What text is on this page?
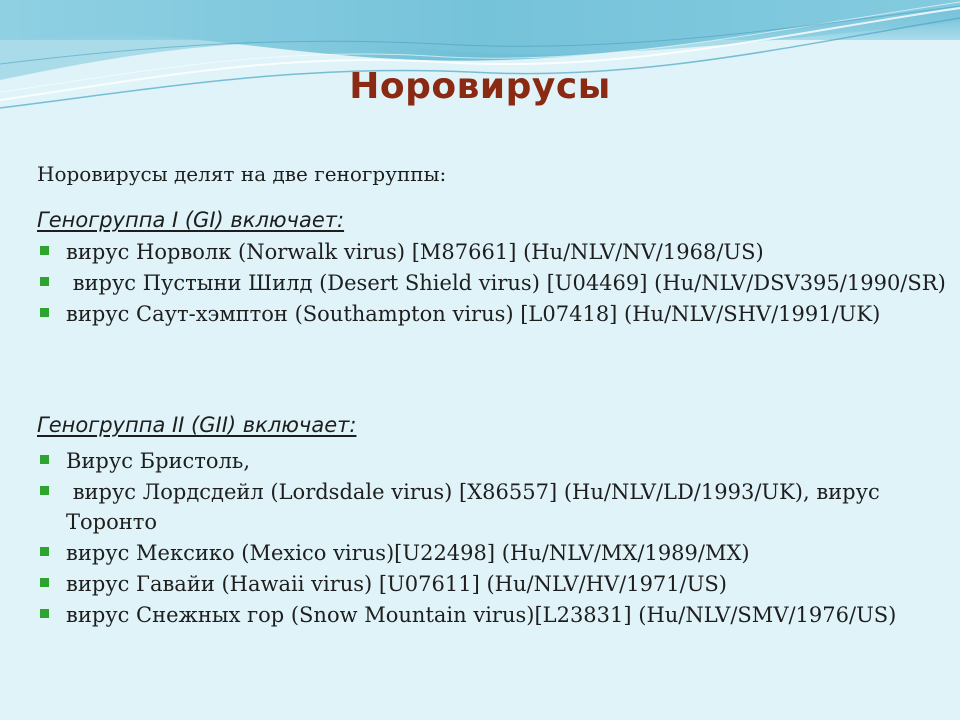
Норовирусы
Норовирусы делят на две геногруппы:
Геногруппа I (GI) включает:
вирус Норволк (Norwalk virus) [M87661] (Hu/NLV/NV/1968/US)
вирус Пустыни Шилд (Desert Shield virus) [U04469] (Hu/NLV/DSV395/1990/SR)
вирус Саут-хэмптон (Southampton virus) [L07418] (Hu/NLV/SHV/1991/UK)
Геногруппа II (GII) включает:
Вирус Бристоль,
вирус Лордсдейл (Lordsdale virus) [X86557] (Hu/NLV/LD/1993/UK), вирус Торонто
вирус Мексико (Mexico virus)[U22498] (Hu/NLV/MX/1989/MX)
вирус Гавайи (Hawaii virus) [U07611] (Hu/NLV/HV/1971/US)
вирус Снежных гор (Snow Mountain virus)[L23831] (Hu/NLV/SMV/1976/US)
